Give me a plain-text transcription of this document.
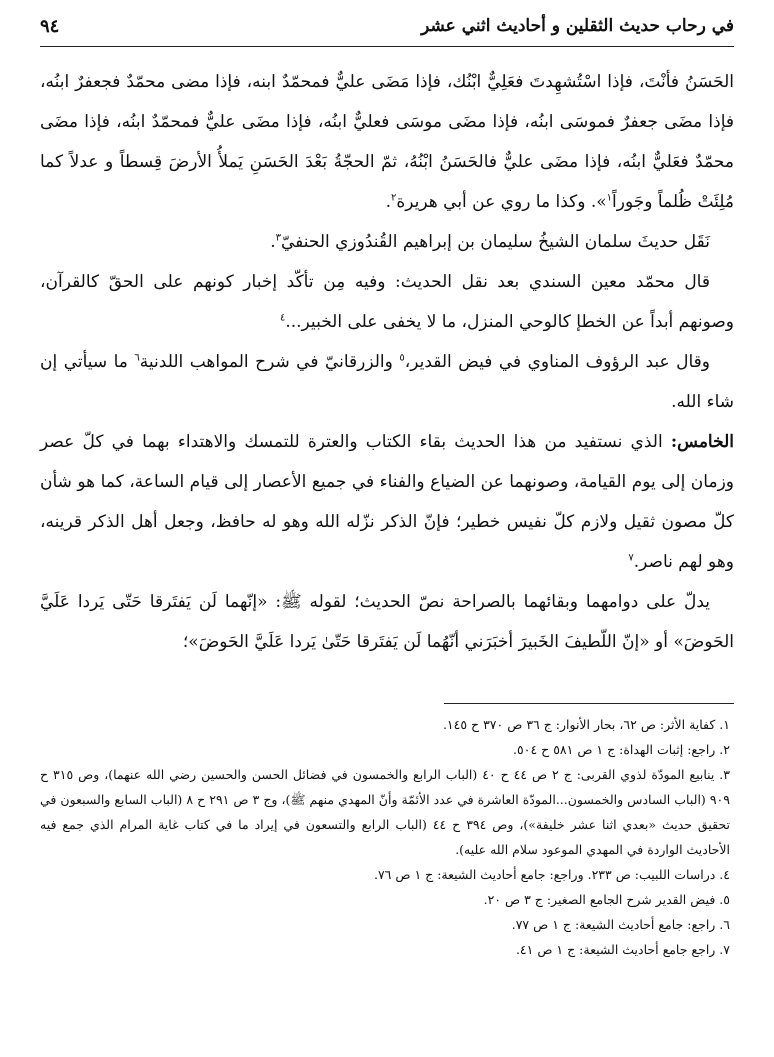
في رحاب حديث الثقلين و أحاديث اثني عشر
٩٤

الحَسَنُ فأنْتَ، فإذا اسْتُشهِدتَ فعَلِيٌّ ابْنُك، فإذا مَضَى عليٌّ فمحمّدٌ ابنه، فإذا مضى محمّدٌ فجعفرٌ ابنُه، فإذا مضَى جعفرٌ فموسَى ابنُه، فإذا مضَى موسَى فعليٌّ ابنُه، فإذا مضَى عليٌّ فمحمّدٌ ابنُه، فإذا مضَى محمّدٌ فعَليٌّ ابنُه، فإذا مضَى عليٌّ فالحَسَنُ ابْنُهُ، ثمّ الحجّةُ بَعْدَ الحَسَنِ يَملأُ الأرضَ قِسطاً و عدلاً كما مُلِئَتْ ظُلماً وجَوراً$^١$». وكذا ما روي عن أبي هريرة$^٢$.

نَقَل حديثَ سلمان الشيخُ سليمان بن إبراهيم القُندُوزي الحنفيّ$^٣$.

قال محمّد معين السندي بعد نقل الحديث: وفيه مِن تأكّد إخبار كونهم على الحقّ كالقرآن، وصونهم أبداً عن الخطإ كالوحي المنزل، ما لا يخفى على الخبير...$^٤$

وقال عبد الرؤوف المناوي في فيض القدير،$^٥$ والزرقانيّ في شرح المواهب اللدنية$^٦$ ما سيأتي إن شاء الله.

الخامس: الذي نستفيد من هذا الحديث بقاء الكتاب والعترة للتمسك والاهتداء بهما في كلّ عصر وزمان إلى يوم القيامة، وصونهما عن الضياع والفناء في جميع الأعصار إلى قيام الساعة، كما هو شأن كلّ مصون ثقيل ولازم كلّ نفيس خطير؛ فإنّ الذكر نزّله الله وهو له حافظ، وجعل أهل الذكر قرينه، وهو لهم ناصر.$^٧$

يدلّ على دوامهما وبقائهما بالصراحة نصّ الحديث؛ لقوله ﷺ: «إنّهما لَن يَفتَرقا حَتّى يَردا عَلَيَّ الحَوضَ» أو «إنّ اللّطيفَ الخَبيرَ أخبَرَني أنّهُما لَن يَفتَرقا حَتّىٰ يَردا عَلَيَّ الحَوضَ»؛

١. كفاية الأثر: ص ٦٢، بحار الأنوار: ج ٣٦ ص ٣٧٠ ح ١٤٥.

٢. راجع: إثبات الهداة: ج ١ ص ٥٨١ ح ٥٠٤.

٣. ينابيع المودّة لذوي القربى: ج ٢ ص ٤٤ ح ٤٠ (الباب الرابع والخمسون في فضائل الحسن والحسين رضي الله عنهما)، وص ٣١٥ ح ٩٠٩ (الباب السادس والخمسون...المودّة العاشرة في عدد الأئمّة وأنّ المهدي منهم ﷺ)، وج ٣ ص ٢٩١ ح ٨ (الباب السابع والسبعون في تحقيق حديث «بعدي اثنا عشر خليفة»)، وص ٣٩٤ ح ٤٤ (الباب الرابع والتسعون في إيراد ما في كتاب غاية المرام الذي جمع فيه الأحاديث الواردة في المهدي الموعود سلام الله عليه).

٤. دراسات اللبيب: ص ٢٣٣. وراجع: جامع أحاديث الشيعة: ج ١ ص ٧٦.

٥. فيض القدير شرح الجامع الصغير: ج ٣ ص ٢٠.

٦. راجع: جامع أحاديث الشيعة: ج ١ ص ٧٧.

٧. راجع جامع أحاديث الشيعة: ج ١ ص ٤١.
